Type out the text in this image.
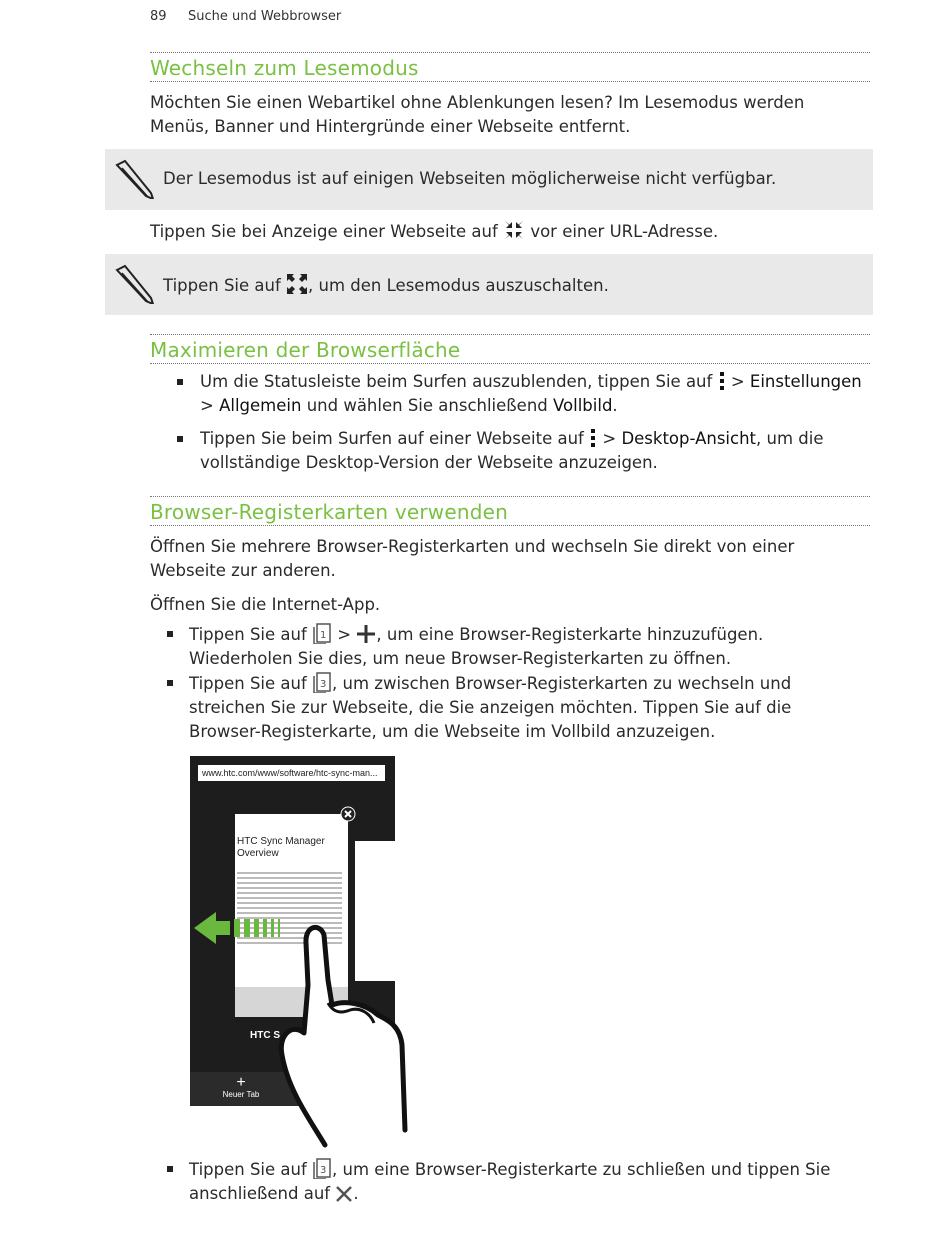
89 Suche und Webbrowser
Wechseln zum Lesemodus
Möchten Sie einen Webartikel ohne Ablenkungen lesen? Im Lesemodus werden Menüs, Banner und Hintergründe einer Webseite entfernt.
Der Lesemodus ist auf einigen Webseiten möglicherweise nicht verfügbar.
Tippen Sie bei Anzeige einer Webseite auf vor einer URL-Adresse.
Tippen Sie auf , um den Lesemodus auszuschalten.
Maximieren der Browserfläche
Um die Statusleiste beim Surfen auszublenden, tippen Sie auf > Einstellungen
> Allgemein und wählen Sie anschließend Vollbild.
Tippen Sie beim Surfen auf einer Webseite auf > Desktop-Ansicht, um die
vollständige Desktop-Version der Webseite anzuzeigen.
Browser-Registerkarten verwenden
Öffnen Sie mehrere Browser-Registerkarten und wechseln Sie direkt von einer Webseite zur anderen.
Öffnen Sie die Internet-App.
Tippen Sie auf 1 > , um eine Browser-Registerkarte hinzuzufügen.
Wiederholen Sie dies, um neue Browser-Registerkarten zu öffnen.
Tippen Sie auf 3 , um zwischen Browser-Registerkarten zu wechseln und
streichen Sie zur Webseite, die Sie anzeigen möchten. Tippen Sie auf die
Browser-Registerkarte, um die Webseite im Vollbild anzuzeigen.
www.htc.com/www/software/htc-sync-man...
HTC Sync Manager Overview
HTC S
+
Neuer Tab
Tippen Sie auf 3 , um eine Browser-Registerkarte zu schließen und tippen Sie
anschließend auf .
